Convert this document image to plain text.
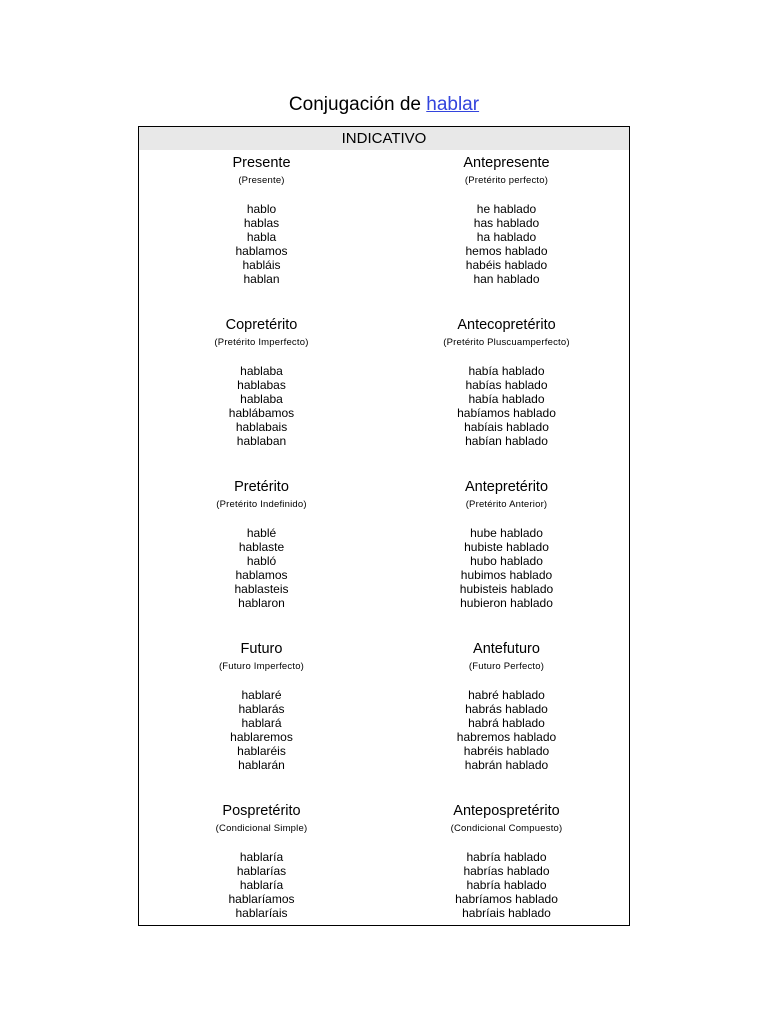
Conjugación de hablar
INDICATIVO
Presente
(Presente)
hablo
hablas
habla
hablamos
habláis
hablan
Antepresente
(Pretérito perfecto)
he hablado
has hablado
ha hablado
hemos hablado
habéis hablado
han hablado
Copretérito
(Pretérito Imperfecto)
hablaba
hablabas
hablaba
hablábamos
hablabais
hablaban
Antecopretérito
(Pretérito Pluscuamperfecto)
había hablado
habías hablado
había hablado
habíamos hablado
habíais hablado
habían hablado
Pretérito
(Pretérito Indefinido)
hablé
hablaste
habló
hablamos
hablasteis
hablaron
Antepretérito
(Pretérito Anterior)
hube hablado
hubiste hablado
hubo hablado
hubimos hablado
hubisteis hablado
hubieron hablado
Futuro
(Futuro Imperfecto)
hablaré
hablarás
hablará
hablaremos
hablaréis
hablarán
Antefuturo
(Futuro Perfecto)
habré hablado
habrás hablado
habrá hablado
habremos hablado
habréis hablado
habrán hablado
Pospretérito
(Condicional Simple)
hablaría
hablarías
hablaría
hablaríamos
hablaríais
Antepospretérito
(Condicional Compuesto)
habría hablado
habrías hablado
habría hablado
habríamos hablado
habríais hablado
